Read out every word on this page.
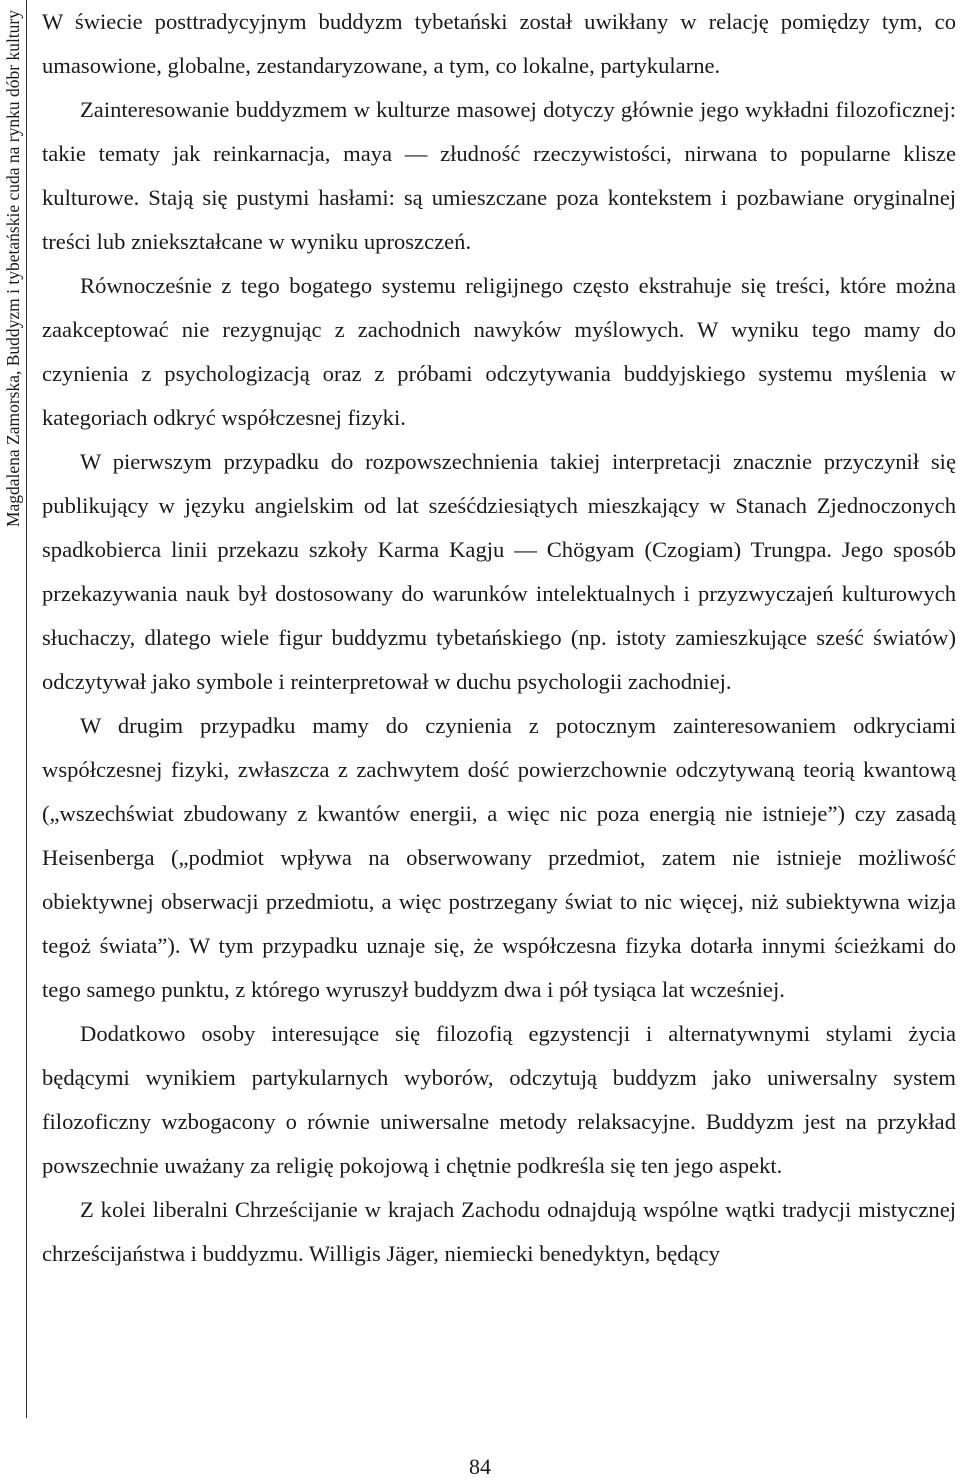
Magdalena Zamorska, Buddyzm i tybetańskie cuda na rynku dóbr kultury W świecie posttradycyjnym buddyzm tybetański został uwikłany w relację pomiędzy tym, co umasowione, globalne, zestandaryzowane, a tym, co lokalne, partykularne.

Zainteresowanie buddyzmem w kulturze masowej dotyczy głównie jego wykładni filozoficznej: takie tematy jak reinkarnacja, maya — złudność rzeczywistości, nirwana to popularne klisze kulturowe. Stają się pustymi hasłami: są umieszczane poza kontekstem i pozbawiane oryginalnej treści lub zniekształcane w wyniku uproszczeń.

Równocześnie z tego bogatego systemu religijnego często ekstrahuje się treści, które można zaakceptować nie rezygnując z zachodnich nawyków myślowych. W wyniku tego mamy do czynienia z psychologizacją oraz z próbami odczytywania buddyjskiego systemu myślenia w kategoriach odkryć współczesnej fizyki.

W pierwszym przypadku do rozpowszechnienia takiej interpretacji znacznie przyczynił się publikujący w języku angielskim od lat sześćdziesiątych mieszkający w Stanach Zjednoczonych spadkobierca linii przekazu szkoły Karma Kagju — Chögyam (Czogiam) Trungpa. Jego sposób przekazywania nauk był dostosowany do warunków intelektualnych i przyzwyczajeń kulturowych słuchaczy, dlatego wiele figur buddyzmu tybetańskiego (np. istoty zamieszkujące sześć światów) odczytywał jako symbole i reinterpretował w duchu psychologii zachodniej.

W drugim przypadku mamy do czynienia z potocznym zainteresowaniem odkryciami współczesnej fizyki, zwłaszcza z zachwytem dość powierzchownie odczytywaną teorią kwantową („wszechświat zbudowany z kwantów energii, a więc nic poza energią nie istnieje”) czy zasadą Heisenberga („podmiot wpływa na obserwowany przedmiot, zatem nie istnieje możliwość obiektywnej obserwacji przedmiotu, a więc postrzegany świat to nic więcej, niż subiektywna wizja tegoż świata”). W tym przypadku uznaje się, że współczesna fizyka dotarła innymi ścieżkami do tego samego punktu, z którego wyruszył buddyzm dwa i pół tysiąca lat wcześniej.

Dodatkowo osoby interesujące się filozofią egzystencji i alternatywnymi stylami życia będącymi wynikiem partykularnych wyborów, odczytują buddyzm jako uniwersalny system filozoficzny wzbogacony o równie uniwersalne metody relaksacyjne. Buddyzm jest na przykład powszechnie uważany za religię pokojową i chętnie podkreśla się ten jego aspekt.

Z kolei liberalni Chrześcijanie w krajach Zachodu odnajdują wspólne wątki tradycji mistycznej chrześcijaństwa i buddyzmu. Willigis Jäger, niemiecki benedyktyn, będący

84
